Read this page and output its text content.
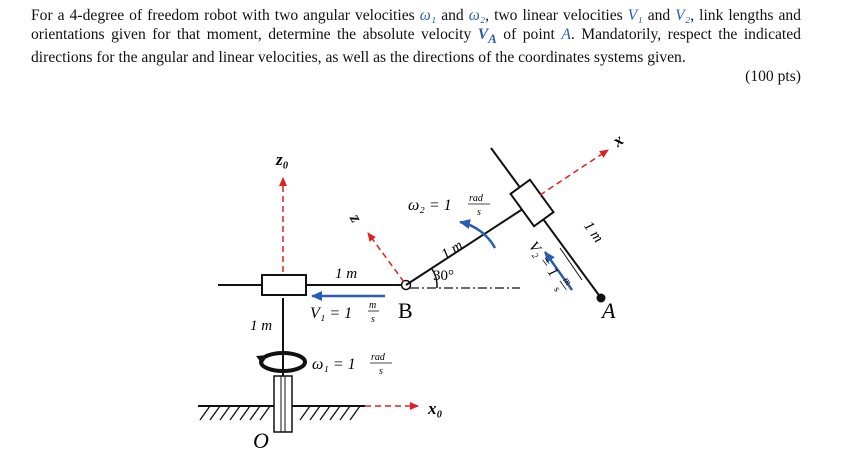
For a 4-degree of freedom robot with two angular velocities ω₁ and ω₂, two linear velocities V₁ and V₂, link lengths and orientations given for that moment, determine the absolute velocity $V_A$ of point A. Mandatorily, respect the indicated directions for the angular and linear velocities, as well as the directions of the coordinates systems given.

(100 pts)
z₀
x₀
O
1 m
1 m
V₁ = 1 m
s B
z
1 m
30°
ω₂ = 1 rad
s
A
x
1 m
V₂ = 1
m
s
ω₁ = 1 rad
s
